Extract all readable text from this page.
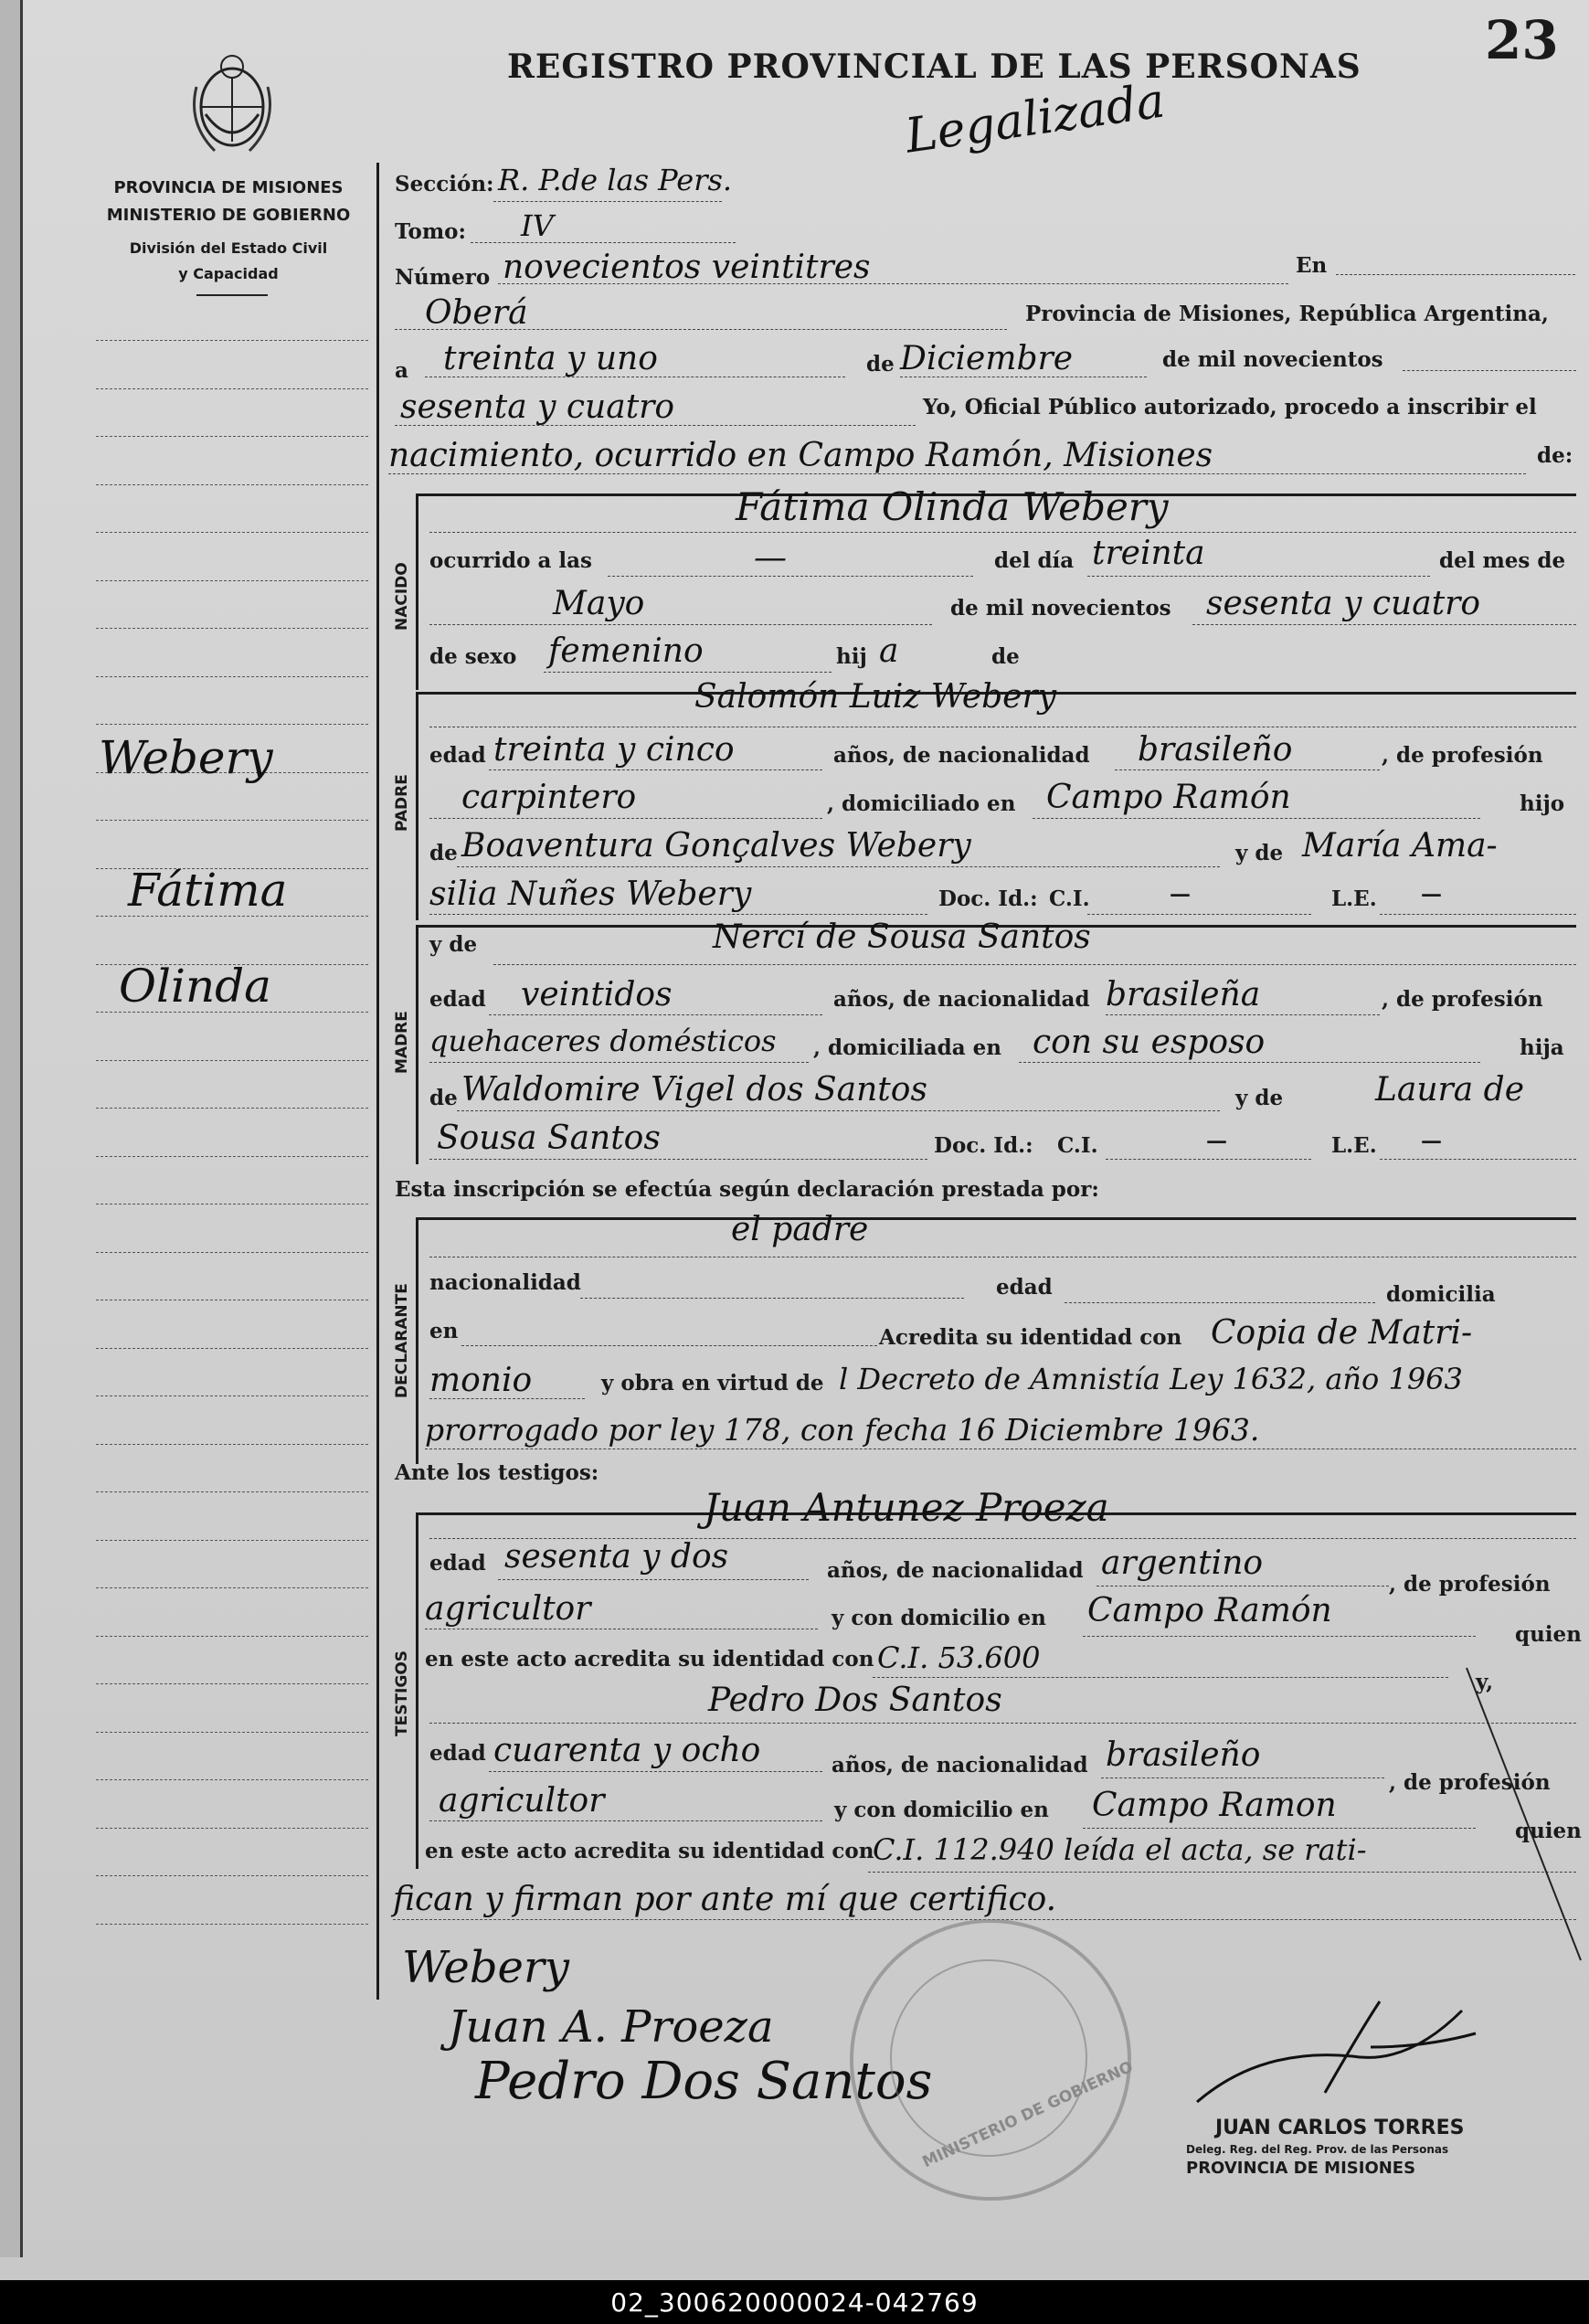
PROVINCIA DE MISIONES
MINISTERIO DE GOBIERNO
División del Estado Civil
y Capacidad
REGISTRO PROVINCIAL DE LAS PERSONAS 23
Legalizada
Webery
Fátima
Olinda
Sección: R. P.de las Pers.
Tomo: IV
Número novecientos veintitres	En
Oberá	Provincia de Misiones, República Argentina,
a treinta y uno	de Diciembre	de mil novecientos
sesenta y cuatro	Yo, Oficial Público autorizado, procedo a inscribir el
nacimiento, ocurrido en Campo Ramón, Misiones	de:
NACIDO
Fátima Olinda Webery
ocurrido a las	—	del día treinta	del mes de
Mayo	de mil novecientos sesenta y cuatro
de sexo femenino	hij a	de
PADRE
Salomón Luiz Webery
edad treinta y cinco	años, de nacionalidad brasileño	, de profesión
carpintero	, domiciliado en Campo Ramón	hijo
de Boaventura Gonçalves Webery	y de María Ama-
silia Nuñes Webery	Doc. Id.: C.I.	—	L.E. —
MADRE
y de	Nercí de Sousa Santos
edad veintidos	años, de nacionalidad brasileña	, de profesión
quehaceres domésticos , domiciliada en con su esposo	hija
de Waldomire Vigel dos Santos	y de	Laura de
Sousa Santos	Doc. Id.: C.I.	—	L.E. —
Esta inscripción se efectúa según declaración prestada por:
DECLARANTE
el padre
nacionalidad	edad	domicilia
en	Acredita su identidad con Copia de Matri-
monio	y obra en virtud de l Decreto de Amnistía Ley 1632, año 1963
prorrogado por ley 178, con fecha 16 Diciembre 1963.
Ante los testigos:
TESTIGOS
Juan Antunez Proeza
edad sesenta y dos	años, de nacionalidad argentino
, de profesión
agricultor	y con domicilio en Campo Ramón
quien
en este acto acredita su identidad con C.I. 53.600
y,
Pedro Dos Santos
edad cuarenta y ocho	años, de nacionalidad brasileño
, de profesión
agricultor	y con domicilio en Campo Ramon
quien
en este acto acredita su identidad con
C.I. 112.940 leída el acta, se rati-
fican y firman por ante mí que certifico.
Webery
Juan A. Proeza
Pedro Dos Santos
MINISTERIO DE GOBIERNO	JUAN CARLOS TORRES
Deleg. Reg. del Reg. Prov. de las Personas
PROVINCIA DE MISIONES
02_300620000024-042769
